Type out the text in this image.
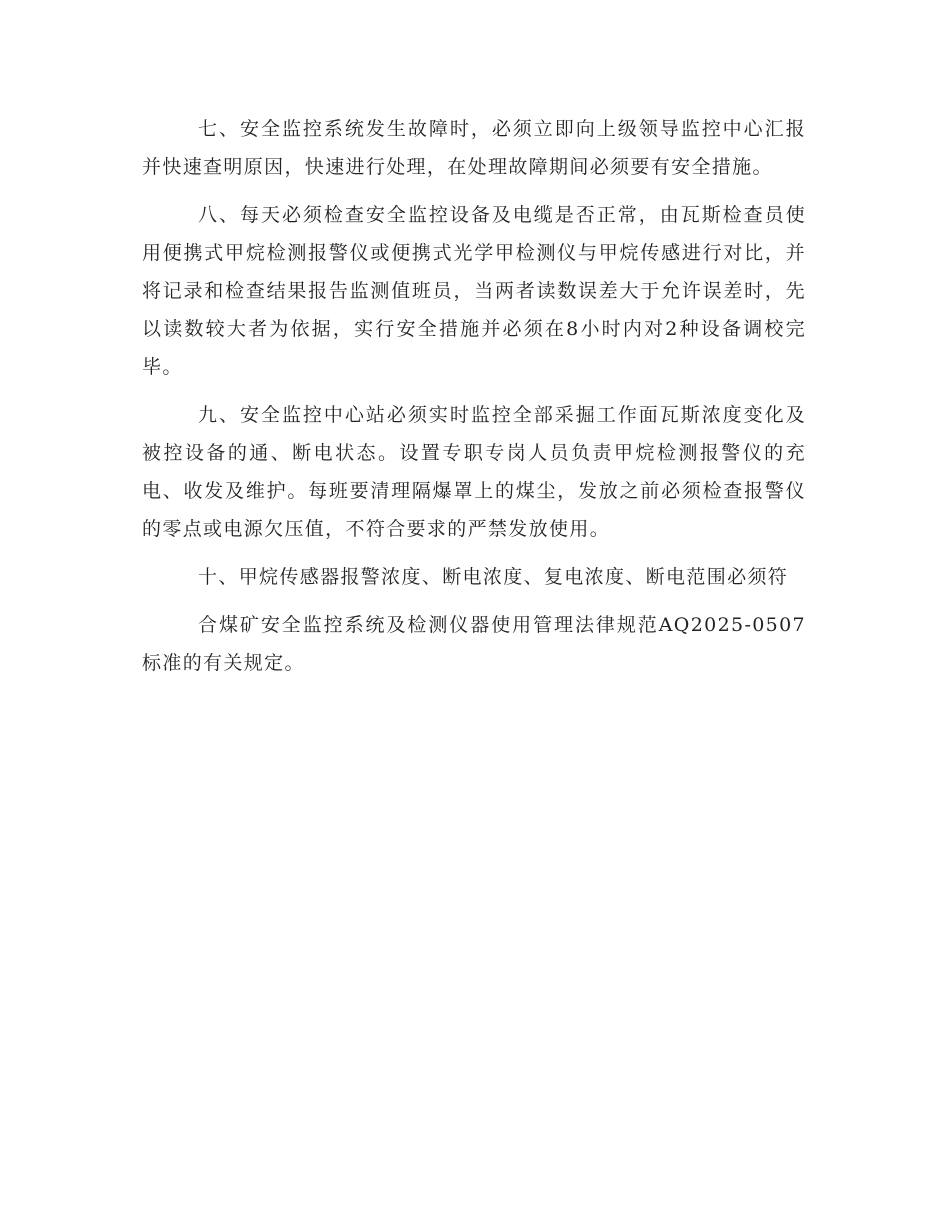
七、安全监控系统发生故障时，必须立即向上级领导监控中心汇报并快速查明原因，快速进行处理，在处理故障期间必须要有安全措施。

八、每天必须检查安全监控设备及电缆是否正常，由瓦斯检查员使用便携式甲烷检测报警仪或便携式光学甲检测仪与甲烷传感进行对比，并将记录和检查结果报告监测值班员，当两者读数误差大于允许误差时，先以读数较大者为依据，实行安全措施并必须在8小时内对2种设备调校完毕。

九、安全监控中心站必须实时监控全部采掘工作面瓦斯浓度变化及被控设备的通、断电状态。设置专职专岗人员负责甲烷检测报警仪的充电、收发及维护。每班要清理隔爆罩上的煤尘，发放之前必须检查报警仪的零点或电源欠压值，不符合要求的严禁发放使用。

十、甲烷传感器报警浓度、断电浓度、复电浓度、断电范围必须符

合煤矿安全监控系统及检测仪器使用管理法律规范AQ2025-0507标准的有关规定。
